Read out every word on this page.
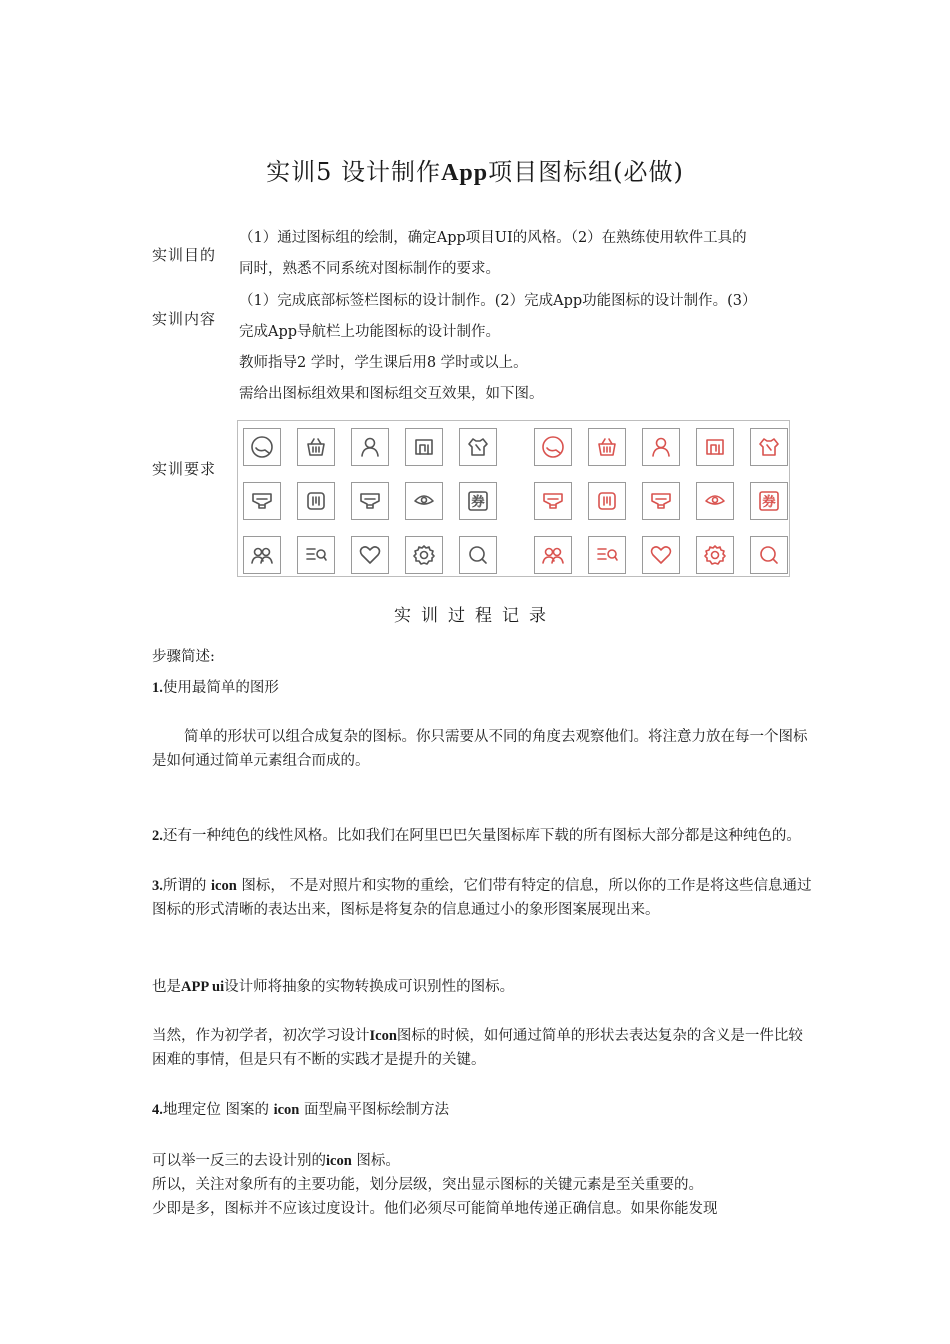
实训5 设计制作App项目图标组(必做)
实训目的
（1）通过图标组的绘制，确定App项目UI的风格。（2）在熟练使用软件工具的
同时，熟悉不同系统对图标制作的要求。
实训内容
（1）完成底部标签栏图标的设计制作。(2）完成App功能图标的设计制作。(3）
完成App导航栏上功能图标的设计制作。
教师指导2 学时，学生课后用8 学时或以上。
需给出图标组效果和图标组交互效果，如下图。
实训要求
券	券
实训过程记录
步骤简述:
1.使用最简单的图形
简单的形状可以组合成复杂的图标。你只需要从不同的角度去观察他们。将注意力放在每一个图标是如何通过简单元素组合而成的。
2.还有一种纯色的线性风格。比如我们在阿里巴巴矢量图标库下载的所有图标大部分都是这种纯色的。
3.所谓的 icon 图标， 不是对照片和实物的重绘，它们带有特定的信息，所以你的工作是将这些信息通过图标的形式清晰的表达出来，图标是将复杂的信息通过小的象形图案展现出来。
也是APP ui设计师将抽象的实物转换成可识别性的图标。
当然，作为初学者，初次学习设计Icon图标的时候，如何通过简单的形状去表达复杂的含义是一件比较困难的事情，但是只有不断的实践才是提升的关键。
4.地理定位 图案的 icon 面型扁平图标绘制方法
可以举一反三的去设计别的icon 图标。
所以，关注对象所有的主要功能，划分层级，突出显示图标的关键元素是至关重要的。
少即是多，图标并不应该过度设计。他们必须尽可能简单地传递正确信息。如果你能发现
